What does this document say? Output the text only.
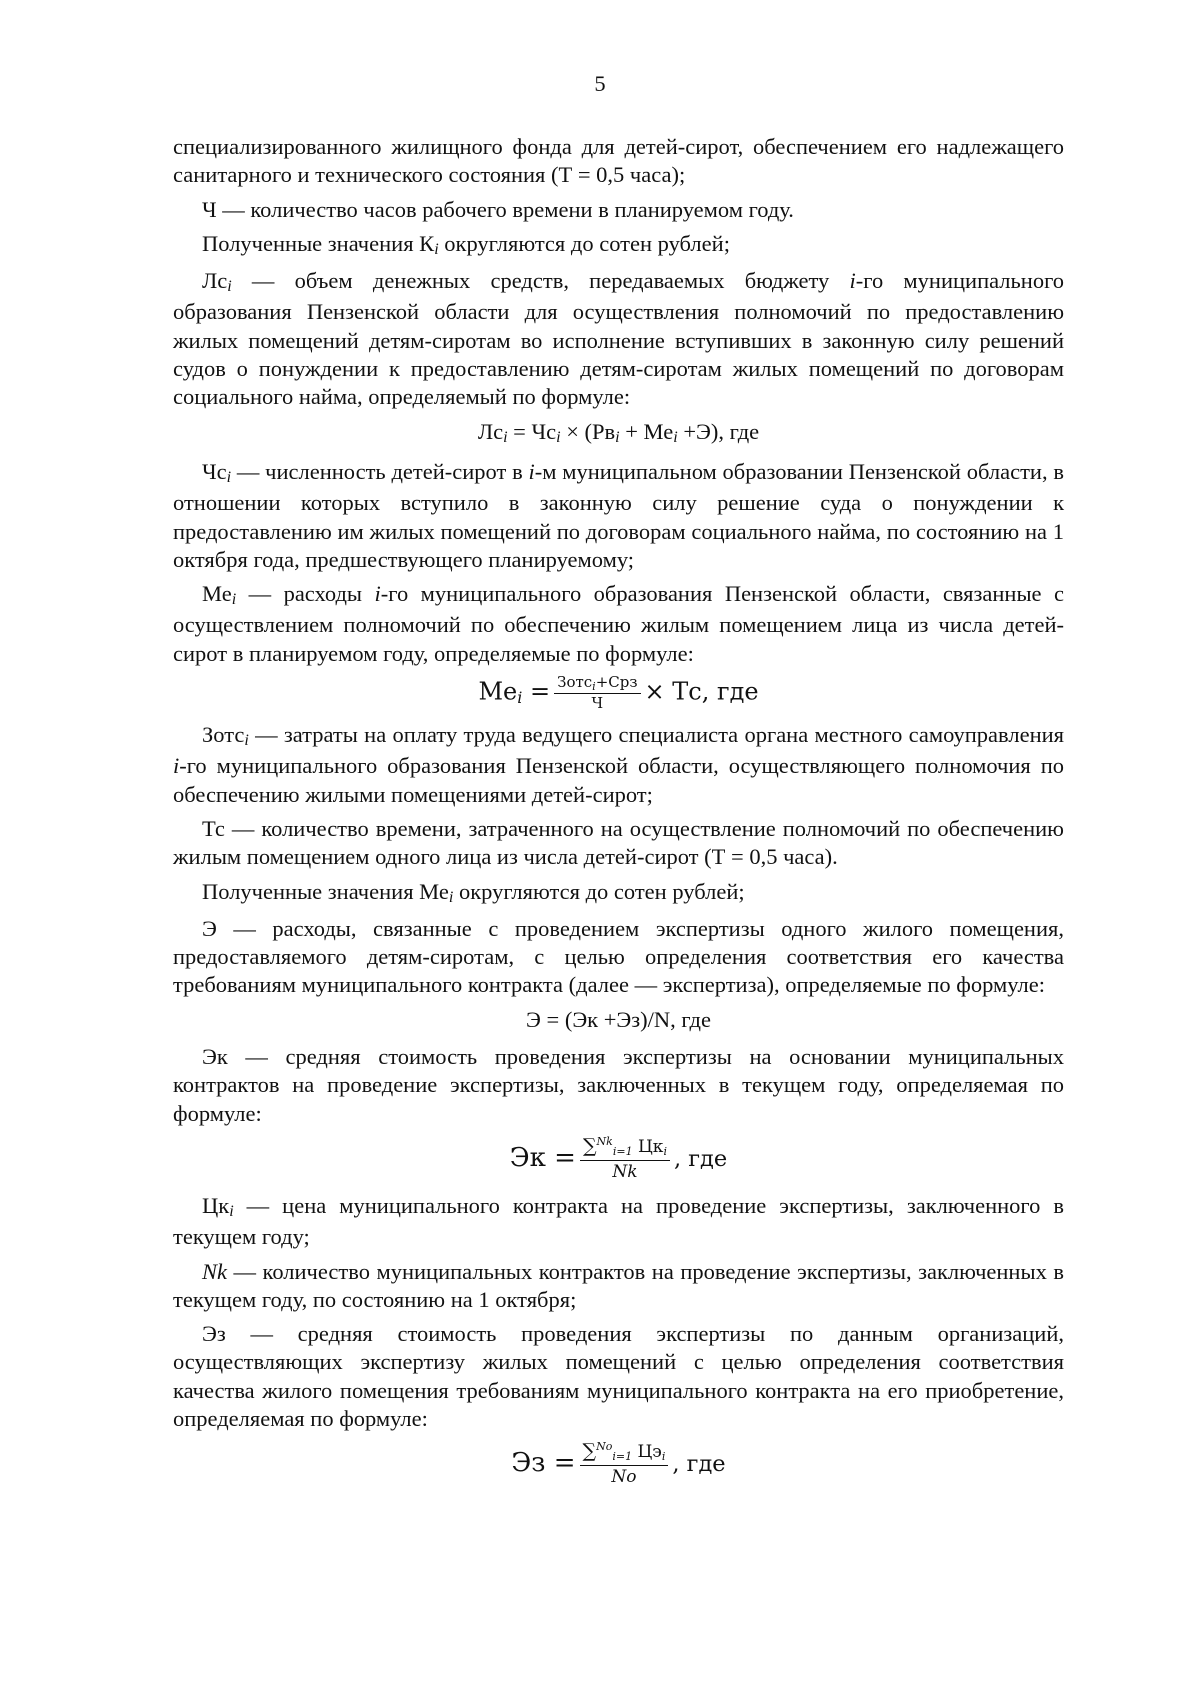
5

специализированного жилищного фонда для детей-сирот, обеспечением его надлежащего санитарного и технического состояния (Т = 0,5 часа);

Ч — количество часов рабочего времени в планируемом году.

Полученные значения Кi округляются до сотен рублей;

Лсi — объем денежных средств, передаваемых бюджету i-го муниципального образования Пензенской области для осуществления полномочий по предоставлению жилых помещений детям-сиротам во исполнение вступивших в законную силу решений судов о понуждении к предоставлению детям-сиротам жилых помещений по договорам социального найма, определяемый по формуле:

Лсi = Чсi × (Рвi + Меi +Э), где

Чсi — численность детей-сирот в i-м муниципальном образовании Пензенской области, в отношении которых вступило в законную силу решение суда о понуждении к предоставлению им жилых помещений по договорам социального найма, по состоянию на 1 октября года, предшествующего планируемому;

Меi — расходы i-го муниципального образования Пензенской области, связанные с осуществлением полномочий по обеспечению жилым помещением лица из числа детей-сирот в планируемом году, определяемые по формуле:

Меi = $\frac{Зотс_i+Срз}{Ч}$ × Тс, где

Зотсi — затраты на оплату труда ведущего специалиста органа местного самоуправления i-го муниципального образования Пензенской области, осуществляющего полномочия по обеспечению жилыми помещениями детей-сирот;

Тс — количество времени, затраченного на осуществление полномочий по обеспечению жилым помещением одного лица из числа детей-сирот (Т = 0,5 часа).

Полученные значения Меi округляются до сотен рублей;

Э — расходы, связанные с проведением экспертизы одного жилого помещения, предоставляемого детям-сиротам, с целью определения соответствия его качества требованиям муниципального контракта (далее — экспертиза), определяемые по формуле:

Э = (Эк +Эз)/N, где

Эк — средняя стоимость проведения экспертизы на основании муниципальных контрактов на проведение экспертизы, заключенных в текущем году, определяемая по формуле:

Эк = $\frac{\sum^{Nk}i=1 Цкi}{Nk}$ , где

Цкi — цена муниципального контракта на проведение экспертизы, заключенного в текущем году;

Nk — количество муниципальных контрактов на проведение экспертизы, заключенных в текущем году, по состоянию на 1 октября;

Эз — средняя стоимость проведения экспертизы по данным организаций, осуществляющих экспертизу жилых помещений с целью определения соответствия качества жилого помещения требованиям муниципального контракта на его приобретение, определяемая по формуле:

Эз = $\frac{\sum^{No}i=1 Цэi}{No}$ , где
